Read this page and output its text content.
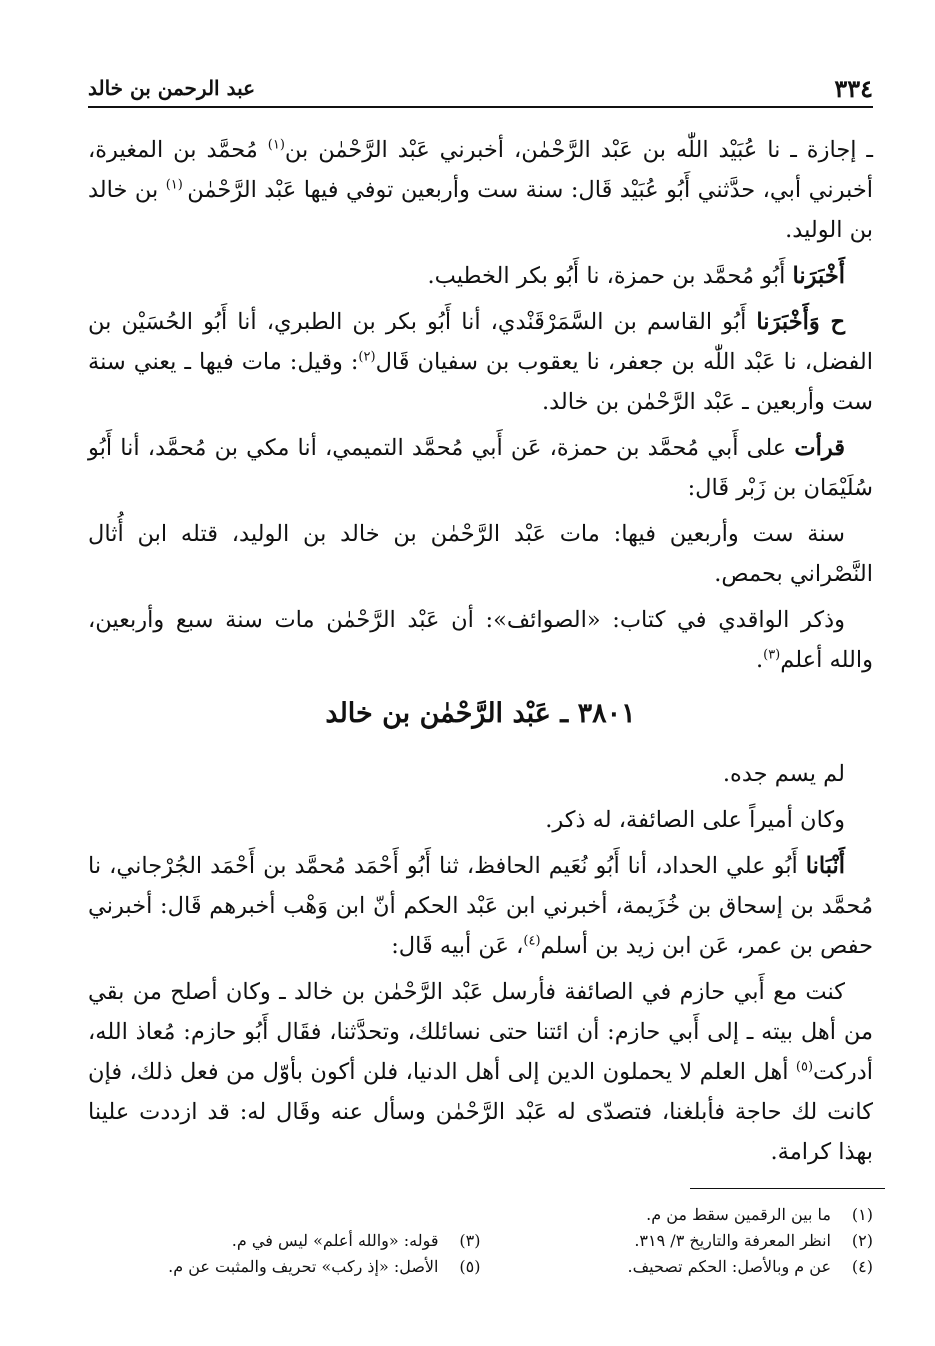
٣٣٤
عبد الرحمن بن خالد

ـ إجازة ـ نا عُبَيْد اللّٰه بن عَبْد الرَّحْمٰن، أخبرني عَبْد الرَّحْمٰن بن$^{(١)}$ مُحمَّد بن المغيرة، أخبرني أبي، حدَّثني أَبُو عُبَيْد قَال: سنة ست وأربعين توفي فيها عَبْد الرَّحْمٰن $^{(١)}$ بن خالد بن الوليد.

أَخْبَرَنا أَبُو مُحمَّد بن حمزة، نا أَبُو بكر الخطيب.

ح وَأَخْبَرَنا أَبُو القاسم بن السَّمَرْقَنْدي، أنا أَبُو بكر بن الطبري، أنا أَبُو الحُسَيْن بن الفضل، نا عَبْد اللّٰه بن جعفر، نا يعقوب بن سفيان قَال$^{(٢)}$: وقيل: مات فيها ـ يعني سنة ست وأربعين ـ عَبْد الرَّحْمٰن بن خالد.

قرأت على أَبي مُحمَّد بن حمزة، عَن أَبي مُحمَّد التميمي، أنا مكي بن مُحمَّد، أنا أَبُو سُلَيْمَان بن زَبْر قَال:

سنة ست وأربعين فيها: مات عَبْد الرَّحْمٰن بن خالد بن الوليد، قتله ابن أُثال النَّصْراني بحمص.

وذكر الواقدي في كتاب: «الصوائف»: أن عَبْد الرَّحْمٰن مات سنة سبع وأربعين، والله أعلم$^{(٣)}$.

٣٨٠١ ـ عَبْد الرَّحْمٰن بن خالد

لم يسم جده.

وكان أميراً على الصائفة، له ذكر.

أَنْبَانا أَبُو علي الحداد، أنا أَبُو نُعَيم الحافظ، ثنا أَبُو أَحْمَد مُحمَّد بن أَحْمَد الجُرْجاني، نا مُحمَّد بن إسحاق بن خُزَيمة، أخبرني ابن عَبْد الحكم أنّ ابن وَهْب أخبرهم قَال: أخبرني حفص بن عمر، عَن ابن زيد بن أسلم$^{(٤)}$، عَن أبيه قَال:

كنت مع أَبي حازم في الصائفة فأرسل عَبْد الرَّحْمٰن بن خالد ـ وكان أصلح من بقي من أهل بيته ـ إلى أَبي حازم: أن ائتنا حتى نسائلك، وتحدَّثنا، فقَال أَبُو حازم: مُعاذ الله، أدركت$^{(٥)}$ أهل العلم لا يحملون الدين إلى أهل الدنيا، فلن أكون بأوّل من فعل ذلك، فإن كانت لك حاجة فأبلغنا، فتصدّى له عَبْد الرَّحْمٰن وسأل عنه وقَال له: قد ازددت علينا بهذا كرامة.

(١)
ما بين الرقمين سقط من م.
(٢)
انظر المعرفة والتاريخ ٣/ ٣١٩.
(٣)
قوله: «والله أعلم» ليس في م.
(٤)
عن م وبالأصل: الحكم تصحيف.
(٥)
الأصل: «إذ ركب» تحريف والمثبت عن م.
